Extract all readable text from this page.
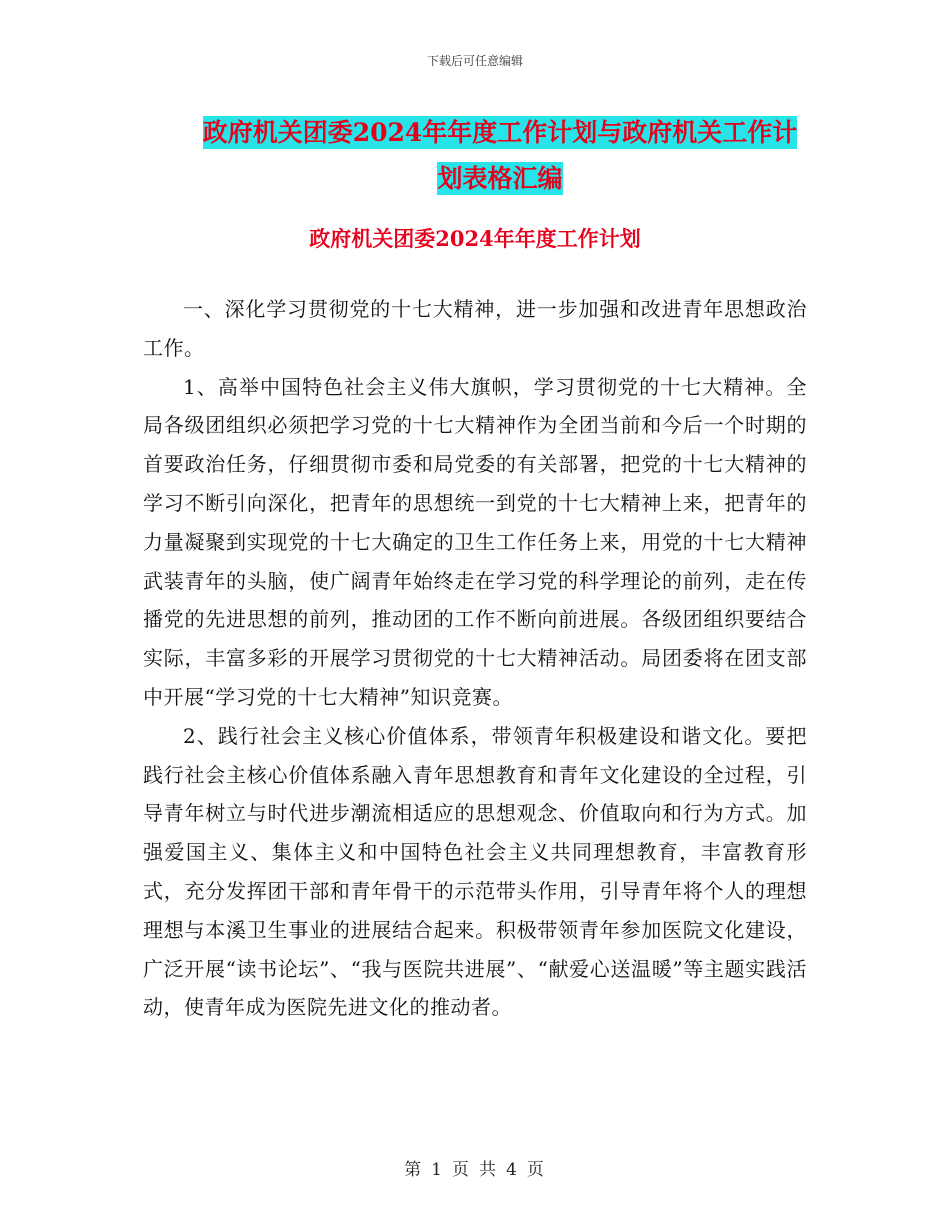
下载后可任意编辑
政府机关团委2024年年度工作计划与政府机关工作计
划表格汇编
政府机关团委2024年年度工作计划

一、深化学习贯彻党的十七大精神，进一步加强和改进青年思想政治工作。

1、高举中国特色社会主义伟大旗帜，学习贯彻党的十七大精神。全局各级团组织必须把学习党的十七大精神作为全团当前和今后一个时期的首要政治任务，仔细贯彻市委和局党委的有关部署，把党的十七大精神的学习不断引向深化，把青年的思想统一到党的十七大精神上来，把青年的力量凝聚到实现党的十七大确定的卫生工作任务上来，用党的十七大精神武装青年的头脑，使广阔青年始终走在学习党的科学理论的前列，走在传播党的先进思想的前列，推动团的工作不断向前进展。各级团组织要结合实际，丰富多彩的开展学习贯彻党的十七大精神活动。局团委将在团支部中开展“学习党的十七大精神”知识竞赛。

2、践行社会主义核心价值体系，带领青年积极建设和谐文化。要把践行社会主核心价值体系融入青年思想教育和青年文化建设的全过程，引导青年树立与时代进步潮流相适应的思想观念、价值取向和行为方式。加强爱国主义、集体主义和中国特色社会主义共同理想教育，丰富教育形式，充分发挥团干部和青年骨干的示范带头作用，引导青年将个人的理想理想与本溪卫生事业的进展结合起来。积极带领青年参加医院文化建设，广泛开展“读书论坛”、“我与医院共进展”、“献爱心送温暖”等主题实践活动，使青年成为医院先进文化的推动者。

第 1 页 共 4 页
